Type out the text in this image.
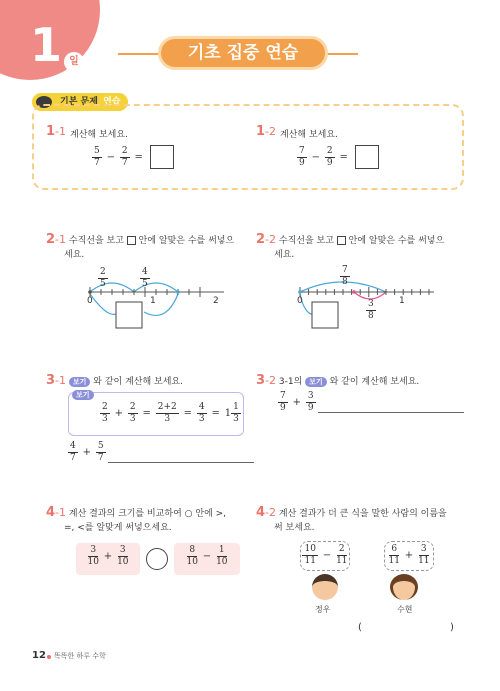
1 일	기초 집중 연습
기본 문제 연습
1-1 계산해 보세요.
$\frac{5}{7} - \frac{2}{7}$ =
1-2 계산해 보세요.
$\frac{7}{9} - \frac{2}{9}$ =
2-1 수직선을 보고 안에 알맞은 수를 써넣으
세요.
$\frac{2}{5}$	$\frac{4}{5}$
0	1	2
2-2 수직선을 보고 안에 알맞은 수를 써넣으
세요.
$\frac{7}{8}$
$\frac{3}{8}$
0	1
3-1 보기 와 같이 계산해 보세요.
보기
$\frac{2}{3} + \frac{2}{3} = \frac{2+2}{3} = \frac{4}{3} = 1 \frac{1}{3}$
$\frac{4}{7} + \frac{5}{7}$

3-2 3-1의 보기 와 같이 계산해 보세요.
$\frac{7}{9} + \frac{3}{9}$

4-1 계산 결과의 크기를 비교하여 ○ 안에 >,
=, <를 알맞게 써넣으세요.
$\frac{3}{10} + \frac{3}{10}$	$\frac{8}{10} - \frac{1}{10}$
4-2 계산 결과가 더 큰 식을 말한 사람의 이름을
써 보세요.
$\frac{10}{11} - \frac{2}{11}$
정우
$\frac{6}{11} + \frac{3}{11}$
수현
(	)
12 똑똑한 하루 수학
